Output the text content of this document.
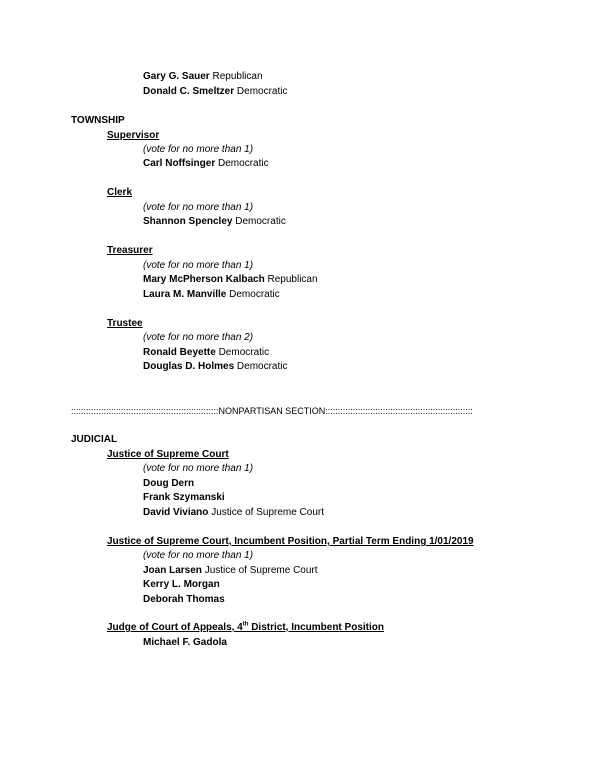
Gary G. Sauer Republican
Donald C. Smeltzer Democratic
TOWNSHIP
Supervisor
(vote for no more than 1)
Carl Noffsinger Democratic
Clerk
(vote for no more than 1)
Shannon Spencley Democratic
Treasurer
(vote for no more than 1)
Mary McPherson Kalbach Republican
Laura M. Manville Democratic
Trustee
(vote for no more than 2)
Ronald Beyette Democratic
Douglas D. Holmes Democratic
:::::::::::::::::::::::::::::::::::::::::::::::::::::::::::NONPARTISAN SECTION:::::::::::::::::::::::::::::::::::::::::::::::::::::::::::
JUDICIAL
Justice of Supreme Court
(vote for no more than 1)
Doug Dern
Frank Szymanski
David Viviano Justice of Supreme Court
Justice of Supreme Court, Incumbent Position, Partial Term Ending 1/01/2019
(vote for no more than 1)
Joan Larsen Justice of Supreme Court
Kerry L. Morgan
Deborah Thomas
Judge of Court of Appeals, 4th District, Incumbent Position
Michael F. Gadola
